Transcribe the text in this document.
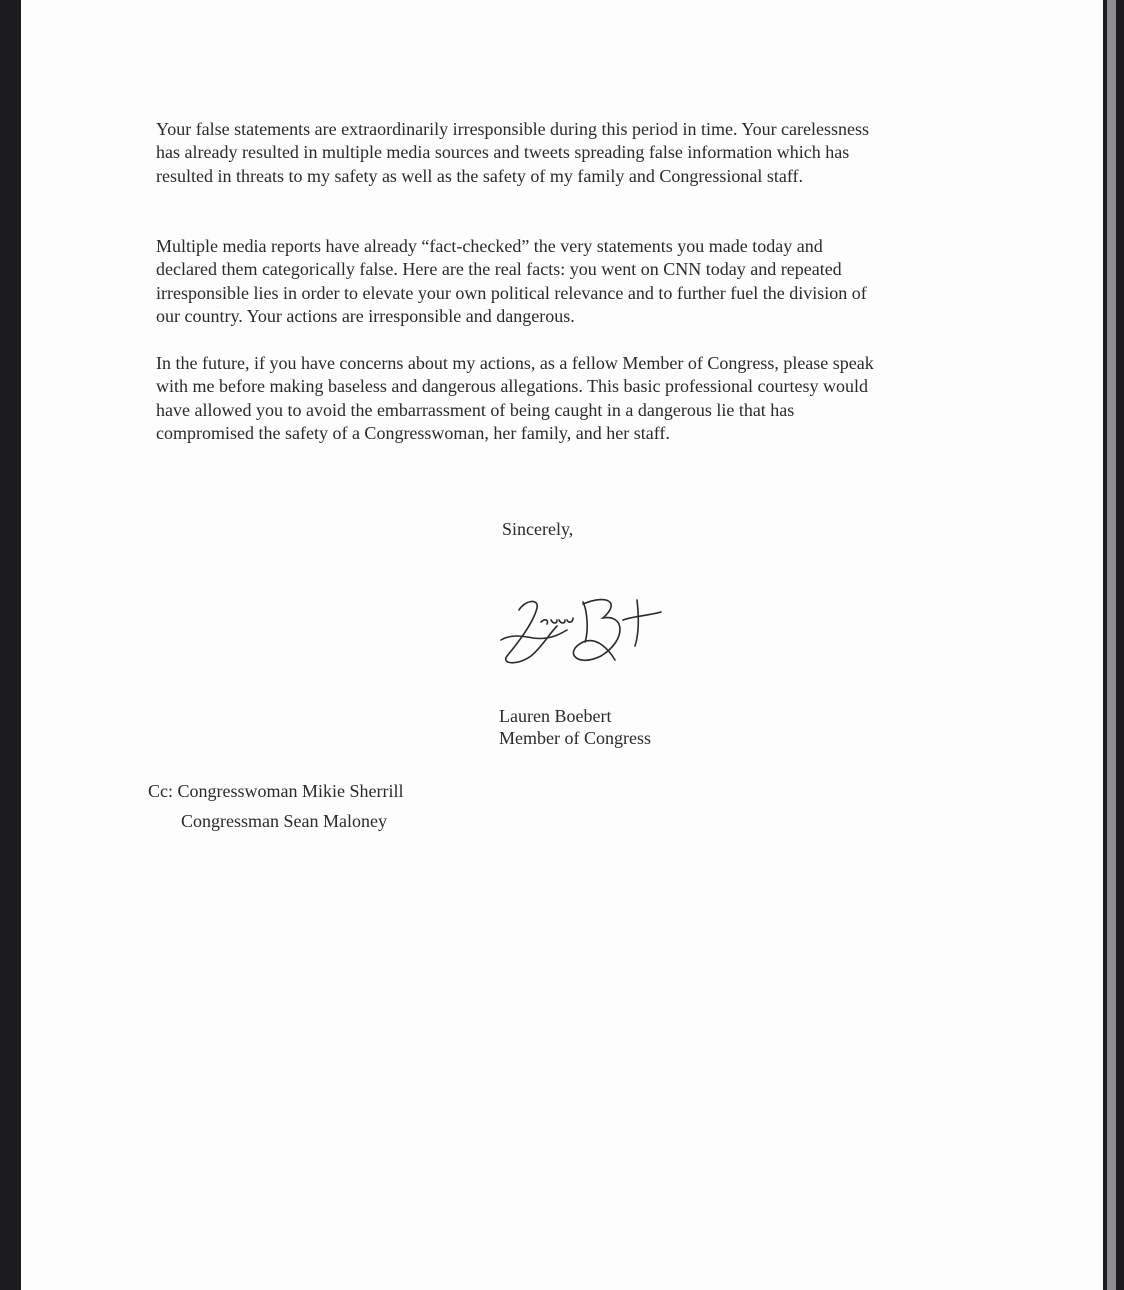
Your false statements are extraordinarily irresponsible during this period in time. Your carelessness has already resulted in multiple media sources and tweets spreading false information which has resulted in threats to my safety as well as the safety of my family and Congressional staff.

Multiple media reports have already “fact-checked” the very statements you made today and declared them categorically false. Here are the real facts: you went on CNN today and repeated irresponsible lies in order to elevate your own political relevance and to further fuel the division of our country. Your actions are irresponsible and dangerous.

In the future, if you have concerns about my actions, as a fellow Member of Congress, please speak with me before making baseless and dangerous allegations. This basic professional courtesy would have allowed you to avoid the embarrassment of being caught in a dangerous lie that has compromised the safety of a Congresswoman, her family, and her staff.

Sincerely,
Lauren Boebert
Member of Congress
Cc: Congresswoman Mikie Sherrill
Congressman Sean Maloney
